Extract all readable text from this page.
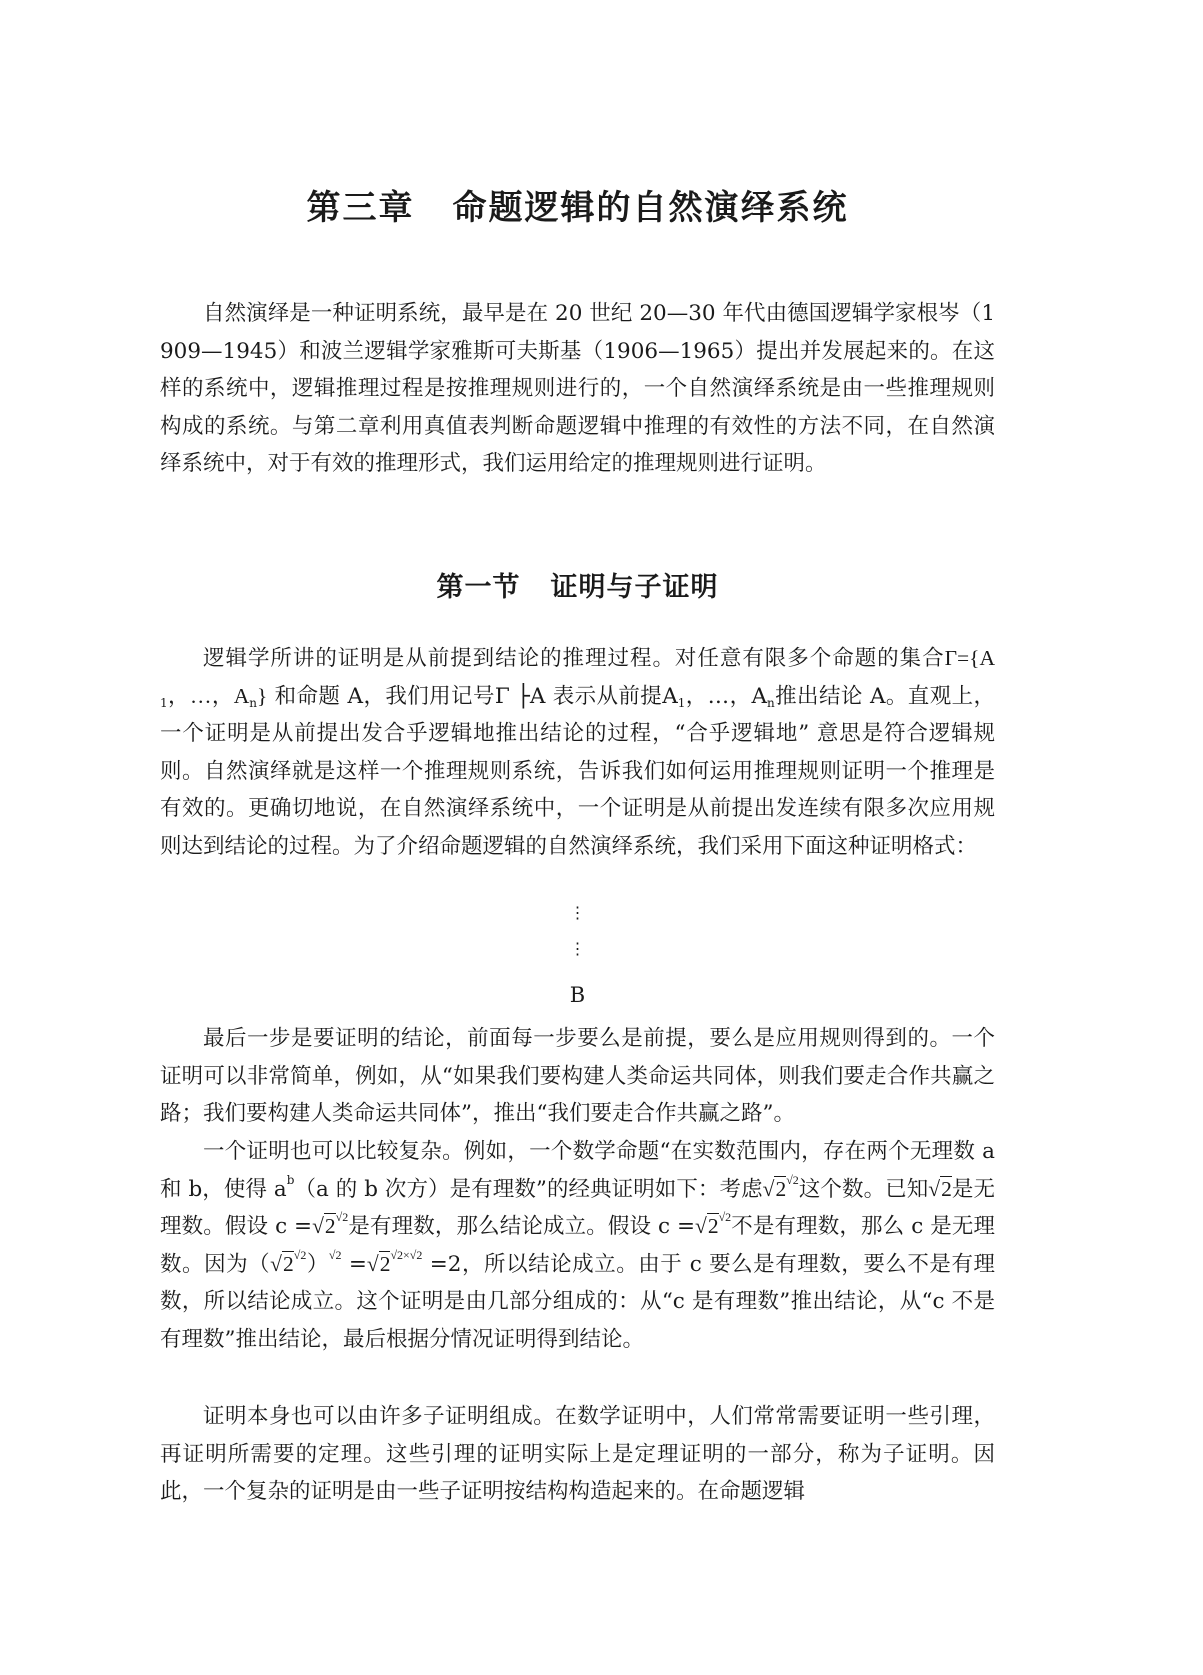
第三章 命题逻辑的自然演绎系统

自然演绎是一种证明系统，最早是在 20 世纪 20—30 年代由德国逻辑学家根岑（1909—1945）和波兰逻辑学家雅斯可夫斯基（1906—1965）提出并发展起来的。在这样的系统中，逻辑推理过程是按推理规则进行的，一个自然演绎系统是由一些推理规则构成的系统。与第二章利用真值表判断命题逻辑中推理的有效性的方法不同，在自然演绎系统中，对于有效的推理形式，我们运用给定的推理规则进行证明。

第一节 证明与子证明

逻辑学所讲的证明是从前提到结论的推理过程。对任意有限多个命题的集合$\Gamma=\{A_1$，…，$A_n$} 和命题 A，我们用记号Γ ├A 表示从前提$A_1$，…，$A_n$推出结论 A。直观上，一个证明是从前提出发合乎逻辑地推出结论的过程，“合乎逻辑地” 意思是符合逻辑规则。自然演绎就是这样一个推理规则系统，告诉我们如何运用推理规则证明一个推理是有效的。更确切地说，在自然演绎系统中，一个证明是从前提出发连续有限多次应用规则达到结论的过程。为了介绍命题逻辑的自然演绎系统，我们采用下面这种证明格式：

⋮
⋮
B

最后一步是要证明的结论，前面每一步要么是前提，要么是应用规则得到的。一个证明可以非常简单，例如，从“如果我们要构建人类命运共同体，则我们要走合作共赢之路；我们要构建人类命运共同体”，推出“我们要走合作共赢之路”。

一个证明也可以比较复杂。例如，一个数学命题“在实数范围内，存在两个无理数 a 和 b，使得 $a^b(a$ 的 b 次方）是有理数”的经典证明如下：考虑$√2^{√2}$这个数。已知√2是无理数。假设 $c =√2^{√2}$是有理数，那么结论成立。假设 $c =√2^{√2}$不是有理数，那么 c 是无理数。因为$(√2^{√2})^{√2} =√2^{√2\times√2} =2$，所以结论成立。由于 c 要么是有理数，要么不是有理数，所以结论成立。这个证明是由几部分组成的：从“c 是有理数”推出结论，从“c 不是有理数”推出结论，最后根据分情况证明得到结论。

证明本身也可以由许多子证明组成。在数学证明中，人们常常需要证明一些引理，再证明所需要的定理。这些引理的证明实际上是定理证明的一部分，称为子证明。因此，一个复杂的证明是由一些子证明按结构构造起来的。在命题逻辑
